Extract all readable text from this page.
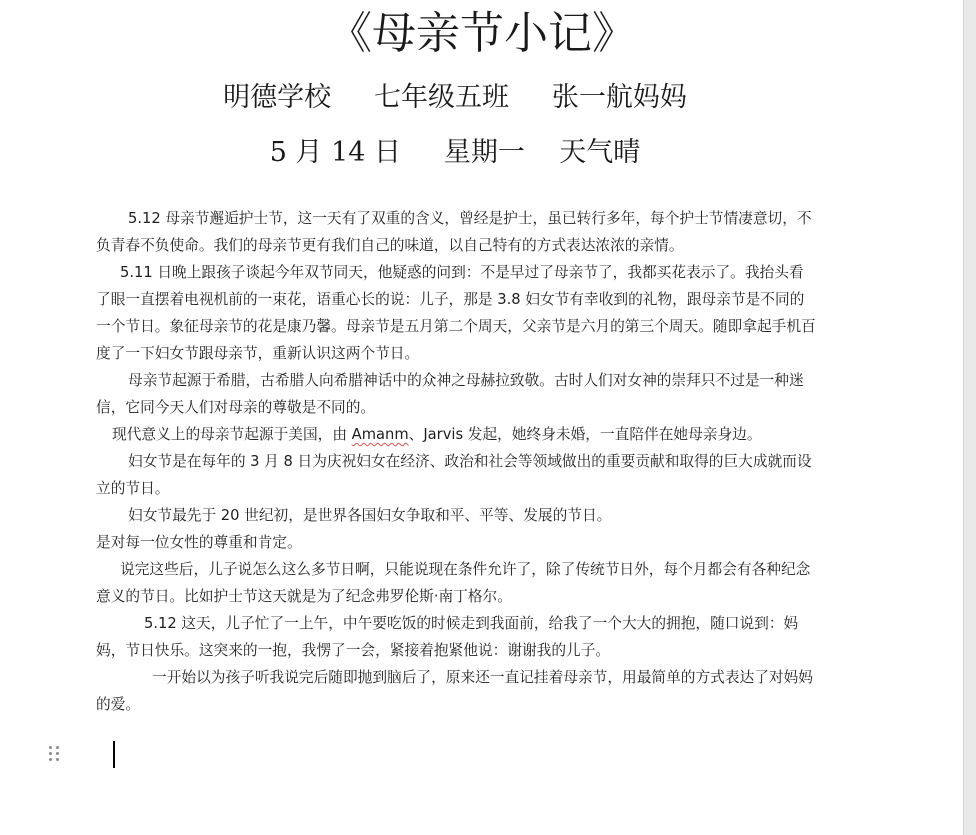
《母亲节小记》
明德学校     七年级五班     张一航妈妈
5 月 14 日     星期一    天气晴

5.12 母亲节邂逅护士节，这一天有了双重的含义，曾经是护士，虽已转行多年，每个护士节情凄意切，不负青春不负使命。我们的母亲节更有我们自己的味道，以自己特有的方式表达浓浓的亲情。

5.11 日晚上跟孩子谈起今年双节同天，他疑惑的问到：不是早过了母亲节了，我都买花表示了。我抬头看了眼一直摆着电视机前的一束花，语重心长的说：儿子，那是 3.8 妇女节有幸收到的礼物，跟母亲节是不同的一个节日。象征母亲节的花是康乃馨。母亲节是五月第二个周天，父亲节是六月的第三个周天。随即拿起手机百度了一下妇女节跟母亲节，重新认识这两个节日。

母亲节起源于希腊，古希腊人向希腊神话中的众神之母赫拉致敬。古时人们对女神的崇拜只不过是一种迷信，它同今天人们对母亲的尊敬是不同的。

现代意义上的母亲节起源于美国，由 Amanm、Jarvis 发起，她终身未婚，一直陪伴在她母亲身边。

妇女节是在每年的 3 月 8 日为庆祝妇女在经济、政治和社会等领域做出的重要贡献和取得的巨大成就而设立的节日。

妇女节最先于 20 世纪初，是世界各国妇女争取和平、平等、发展的节日。

是对每一位女性的尊重和肯定。

说完这些后，儿子说怎么这么多节日啊，只能说现在条件允许了，除了传统节日外，每个月都会有各种纪念意义的节日。比如护士节这天就是为了纪念弗罗伦斯·南丁格尔。

5.12 这天，儿子忙了一上午，中午要吃饭的时候走到我面前，给我了一个大大的拥抱，随口说到：妈妈，节日快乐。这突来的一抱，我愣了一会，紧接着抱紧他说：谢谢我的儿子。

一开始以为孩子听我说完后随即抛到脑后了，原来还一直记挂着母亲节，用最简单的方式表达了对妈妈的爱。
